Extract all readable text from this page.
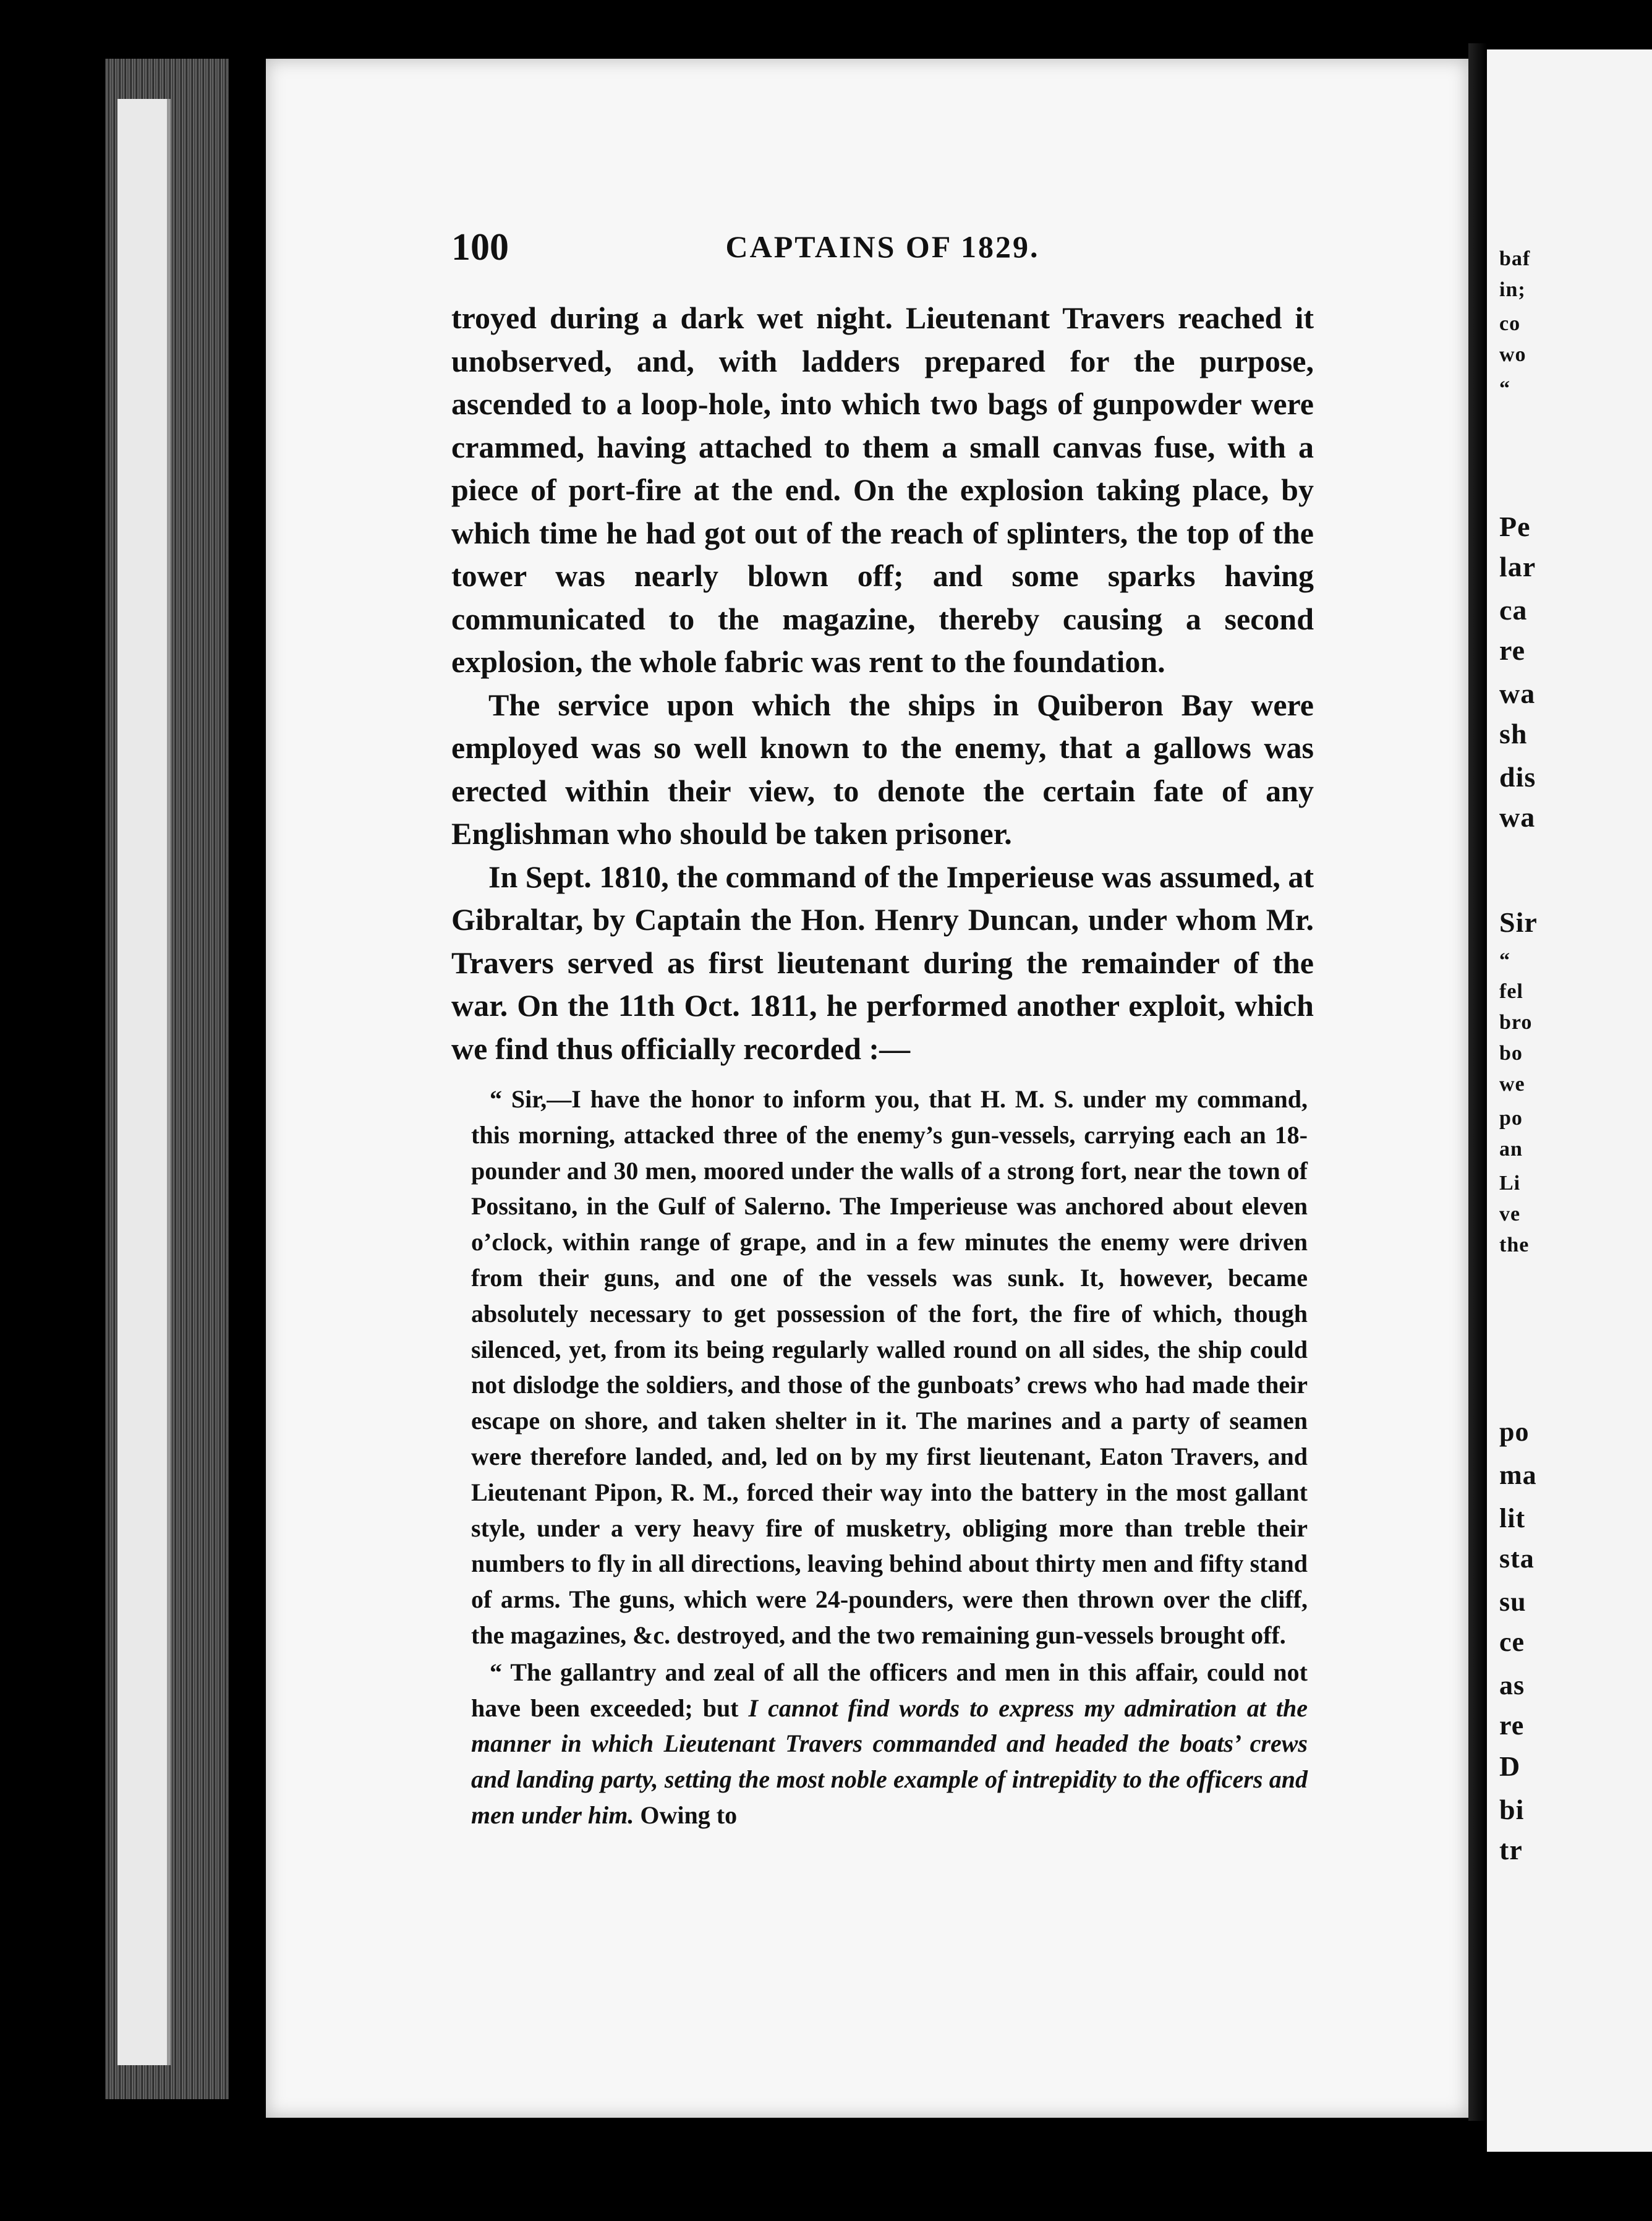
100	CAPTAINS OF 1829.

troyed during a dark wet night. Lieutenant Travers reached it unobserved, and, with ladders prepared for the purpose, ascended to a loop-hole, into which two bags of gunpowder were crammed, having attached to them a small canvas fuse, with a piece of port-fire at the end. On the explosion taking place, by which time he had got out of the reach of splinters, the top of the tower was nearly blown off; and some sparks having communicated to the magazine, thereby causing a second explosion, the whole fabric was rent to the foundation.

The service upon which the ships in Quiberon Bay were employed was so well known to the enemy, that a gallows was erected within their view, to denote the certain fate of any Englishman who should be taken prisoner.

In Sept. 1810, the command of the Imperieuse was assumed, at Gibraltar, by Captain the Hon. Henry Duncan, under whom Mr. Travers served as first lieutenant during the remainder of the war. On the 11th Oct. 1811, he performed another exploit, which we find thus officially recorded :—

“ Sir,—I have the honor to inform you, that H. M. S. under my command, this morning, attacked three of the enemy’s gun-vessels, carrying each an 18-pounder and 30 men, moored under the walls of a strong fort, near the town of Possitano, in the Gulf of Salerno. The Imperieuse was anchored about eleven o’clock, within range of grape, and in a few minutes the enemy were driven from their guns, and one of the vessels was sunk. It, however, became absolutely necessary to get possession of the fort, the fire of which, though silenced, yet, from its being regularly walled round on all sides, the ship could not dislodge the soldiers, and those of the gunboats’ crews who had made their escape on shore, and taken shelter in it. The marines and a party of seamen were therefore landed, and, led on by my first lieutenant, Eaton Travers, and Lieutenant Pipon, R. M., forced their way into the battery in the most gallant style, under a very heavy fire of musketry, obliging more than treble their numbers to fly in all directions, leaving behind about thirty men and fifty stand of arms. The guns, which were 24-pounders, were then thrown over the cliff, the magazines, &c. destroyed, and the two remaining gun-vessels brought off.

“ The gallantry and zeal of all the officers and men in this affair, could not have been exceeded; but I cannot find words to express my admiration at the manner in which Lieutenant Travers commanded and headed the boats’ crews and landing party, setting the most noble example of intrepidity to the officers and men under him. Owing to

baf
in;
co
wo
“
Pe
lar
ca
re
wa
sh
dis
wa
Sir
“
fel
bro
bo
we
po
an
Li
ve
the
po
ma
lit
sta
su
ce
as
re
D
bi
tr
